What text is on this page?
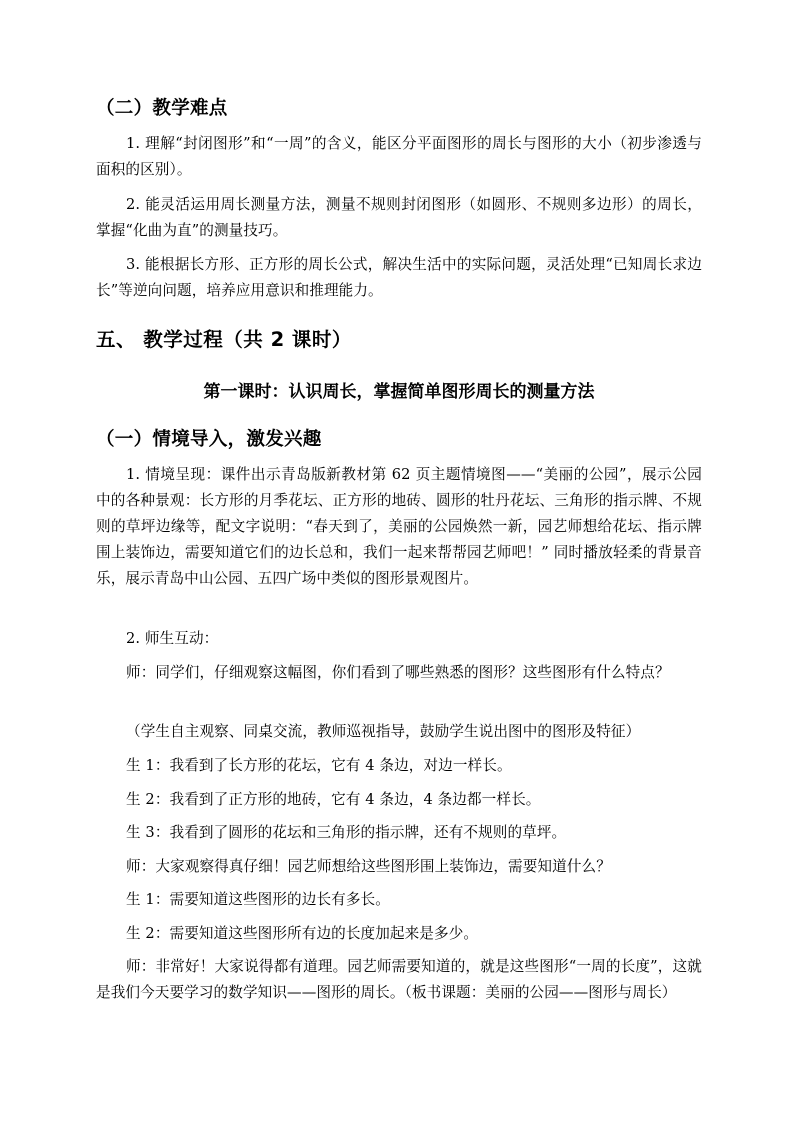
（二）教学难点

1. 理解“封闭图形”和“一周”的含义，能区分平面图形的周长与图形的大小（初步渗透与面积的区别）。

2. 能灵活运用周长测量方法，测量不规则封闭图形（如圆形、不规则多边形）的周长，掌握“化曲为直”的测量技巧。

3. 能根据长方形、正方形的周长公式，解决生活中的实际问题，灵活处理“已知周长求边长”等逆向问题，培养应用意识和推理能力。

五、 教学过程（共 2 课时）
第一课时：认识周长，掌握简单图形周长的测量方法
（一）情境导入，激发兴趣

1. 情境呈现：课件出示青岛版新教材第 62 页主题情境图——“美丽的公园”，展示公园中的各种景观：长方形的月季花坛、正方形的地砖、圆形的牡丹花坛、三角形的指示牌、不规则的草坪边缘等，配文字说明：“春天到了，美丽的公园焕然一新，园艺师想给花坛、指示牌围上装饰边，需要知道它们的边长总和，我们一起来帮帮园艺师吧！” 同时播放轻柔的背景音乐，展示青岛中山公园、五四广场中类似的图形景观图片。

2. 师生互动：

师：同学们，仔细观察这幅图，你们看到了哪些熟悉的图形？这些图形有什么特点？

（学生自主观察、同桌交流，教师巡视指导，鼓励学生说出图中的图形及特征）

生 1：我看到了长方形的花坛，它有 4 条边，对边一样长。

生 2：我看到了正方形的地砖，它有 4 条边，4 条边都一样长。

生 3：我看到了圆形的花坛和三角形的指示牌，还有不规则的草坪。

师：大家观察得真仔细！园艺师想给这些图形围上装饰边，需要知道什么？

生 1：需要知道这些图形的边长有多长。

生 2：需要知道这些图形所有边的长度加起来是多少。

师：非常好！大家说得都有道理。园艺师需要知道的，就是这些图形“一周的长度”，这就是我们今天要学习的数学知识——图形的周长。（板书课题：美丽的公园——图形与周长）
